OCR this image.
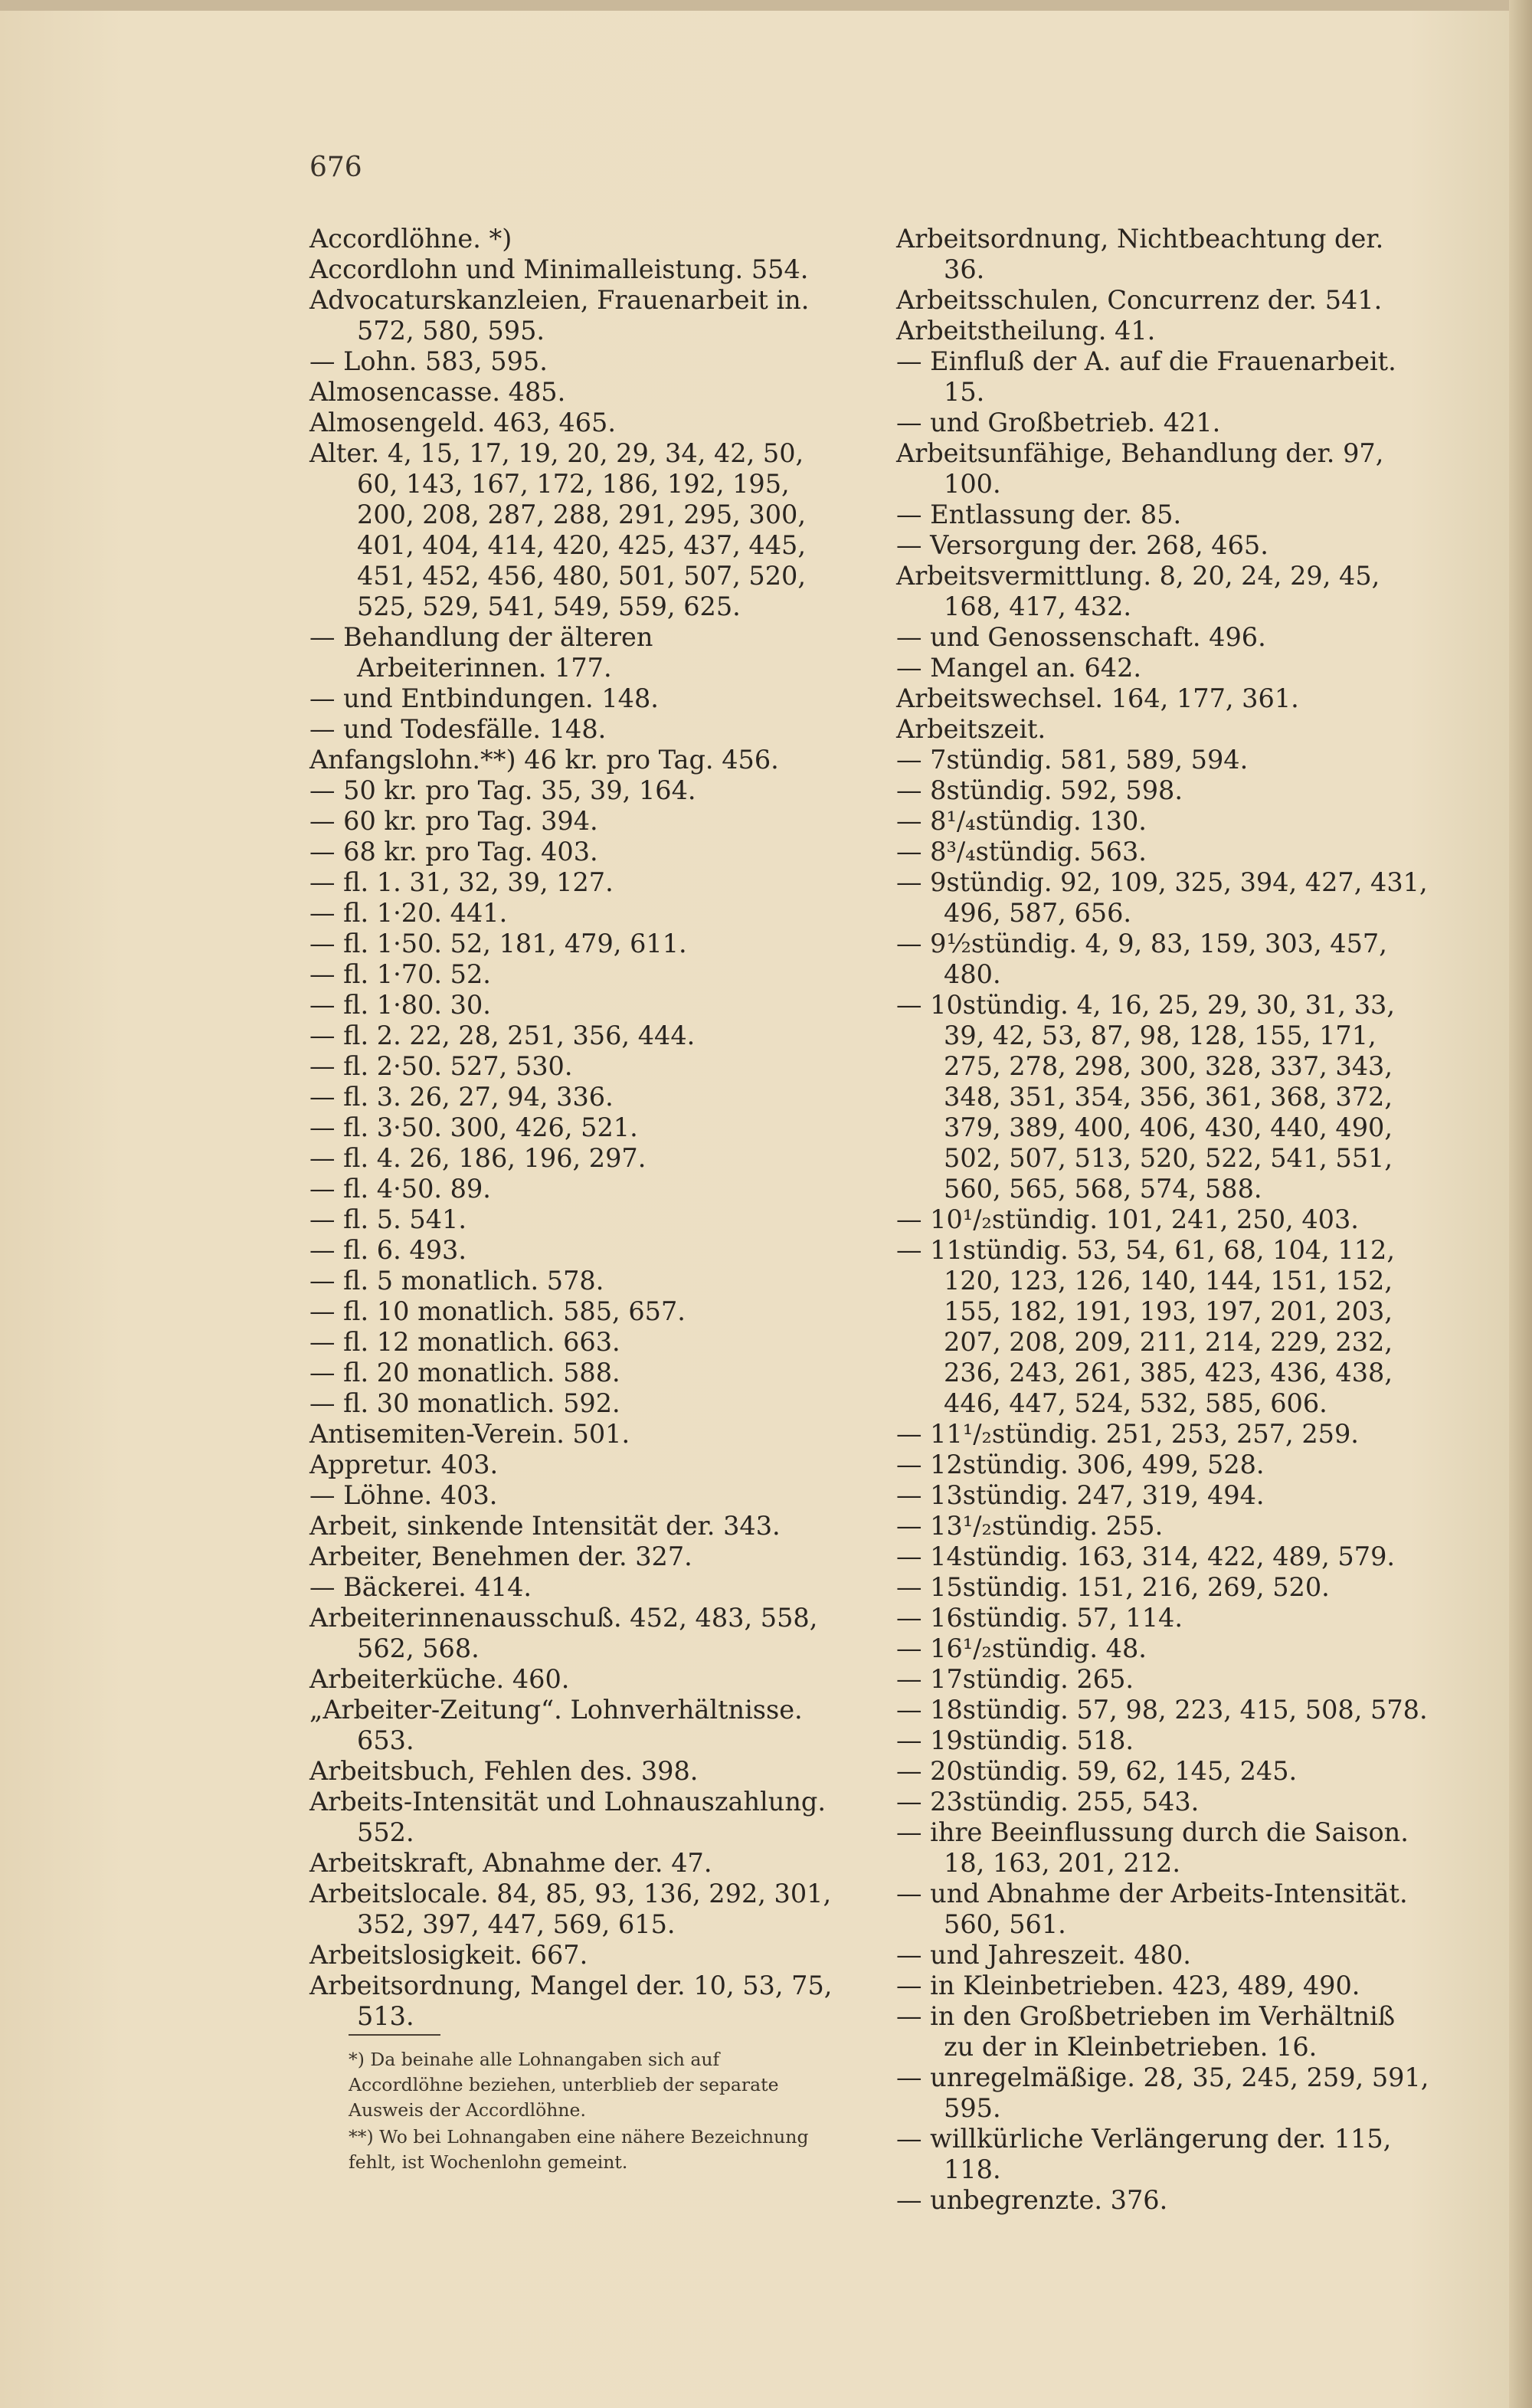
676
Accordlöhne. *)
Accordlohn und Minimalleistung. 554.
Advocaturskanzleien, Frauenarbeit in. 572, 580, 595.
— Lohn. 583, 595.
Almosencasse. 485.
Almosengeld. 463, 465.
Alter. 4, 15, 17, 19, 20, 29, 34, 42, 50, 60, 143, 167, 172, 186, 192, 195, 200, 208, 287, 288, 291, 295, 300, 401, 404, 414, 420, 425, 437, 445, 451, 452, 456, 480, 501, 507, 520, 525, 529, 541, 549, 559, 625.
— Behandlung der älteren Arbeiterinnen. 177.
— und Entbindungen. 148.
— und Todesfälle. 148.
Anfangslohn.**) 46 kr. pro Tag. 456.
— 50 kr. pro Tag. 35, 39, 164.
— 60 kr. pro Tag. 394.
— 68 kr. pro Tag. 403.
— fl. 1. 31, 32, 39, 127.
— fl. 1·20. 441.
— fl. 1·50. 52, 181, 479, 611.
— fl. 1·70. 52.
— fl. 1·80. 30.
— fl. 2. 22, 28, 251, 356, 444.
— fl. 2·50. 527, 530.
— fl. 3. 26, 27, 94, 336.
— fl. 3·50. 300, 426, 521.
— fl. 4. 26, 186, 196, 297.
— fl. 4·50. 89.
— fl. 5. 541.
— fl. 6. 493.
— fl. 5 monatlich. 578.
— fl. 10 monatlich. 585, 657.
— fl. 12 monatlich. 663.
— fl. 20 monatlich. 588.
— fl. 30 monatlich. 592.
Antisemiten-Verein. 501.
Appretur. 403.
— Löhne. 403.
Arbeit, sinkende Intensität der. 343.
Arbeiter, Benehmen der. 327.
— Bäckerei. 414.
Arbeiterinnenausschuß. 452, 483, 558, 562, 568.
Arbeiterküche. 460.
„Arbeiter-Zeitung“. Lohnverhältnisse. 653.
Arbeitsbuch, Fehlen des. 398.
Arbeits-Intensität und Lohnauszahlung. 552.
Arbeitskraft, Abnahme der. 47.
Arbeitslocale. 84, 85, 93, 136, 292, 301, 352, 397, 447, 569, 615.
Arbeitslosigkeit. 667.
Arbeitsordnung, Mangel der. 10, 53, 75, 513.
Arbeitsordnung, Nichtbeachtung der. 36.
Arbeitsschulen, Concurrenz der. 541.
Arbeitstheilung. 41.
— Einfluß der A. auf die Frauenarbeit. 15.
— und Großbetrieb. 421.
Arbeitsunfähige, Behandlung der. 97, 100.
— Entlassung der. 85.
— Versorgung der. 268, 465.
Arbeitsvermittlung. 8, 20, 24, 29, 45, 168, 417, 432.
— und Genossenschaft. 496.
— Mangel an. 642.
Arbeitswechsel. 164, 177, 361.
Arbeitszeit.
— 7stündig. 581, 589, 594.
— 8stündig. 592, 598.
— 8¹/₄stündig. 130.
— 8³/₄stündig. 563.
— 9stündig. 92, 109, 325, 394, 427, 431, 496, 587, 656.
— 9½stündig. 4, 9, 83, 159, 303, 457, 480.
— 10stündig. 4, 16, 25, 29, 30, 31, 33, 39, 42, 53, 87, 98, 128, 155, 171, 275, 278, 298, 300, 328, 337, 343, 348, 351, 354, 356, 361, 368, 372, 379, 389, 400, 406, 430, 440, 490, 502, 507, 513, 520, 522, 541, 551, 560, 565, 568, 574, 588.
— 10¹/₂stündig. 101, 241, 250, 403.
— 11stündig. 53, 54, 61, 68, 104, 112, 120, 123, 126, 140, 144, 151, 152, 155, 182, 191, 193, 197, 201, 203, 207, 208, 209, 211, 214, 229, 232, 236, 243, 261, 385, 423, 436, 438, 446, 447, 524, 532, 585, 606.
— 11¹/₂stündig. 251, 253, 257, 259.
— 12stündig. 306, 499, 528.
— 13stündig. 247, 319, 494.
— 13¹/₂stündig. 255.
— 14stündig. 163, 314, 422, 489, 579.
— 15stündig. 151, 216, 269, 520.
— 16stündig. 57, 114.
— 16¹/₂stündig. 48.
— 17stündig. 265.
— 18stündig. 57, 98, 223, 415, 508, 578.
— 19stündig. 518.
— 20stündig. 59, 62, 145, 245.
— 23stündig. 255, 543.
— ihre Beeinflussung durch die Saison. 18, 163, 201, 212.
— und Abnahme der Arbeits-Intensität. 560, 561.
— und Jahreszeit. 480.
— in Kleinbetrieben. 423, 489, 490.
— in den Großbetrieben im Verhältniß zu der in Kleinbetrieben. 16.
— unregelmäßige. 28, 35, 245, 259, 591, 595.
— willkürliche Verlängerung der. 115, 118.
— unbegrenzte. 376.
*) Da beinahe alle Lohnangaben sich auf Accordlöhne beziehen, unterblieb der separate Ausweis der Accordlöhne.
**) Wo bei Lohnangaben eine nähere Bezeichnung fehlt, ist Wochenlohn gemeint.
